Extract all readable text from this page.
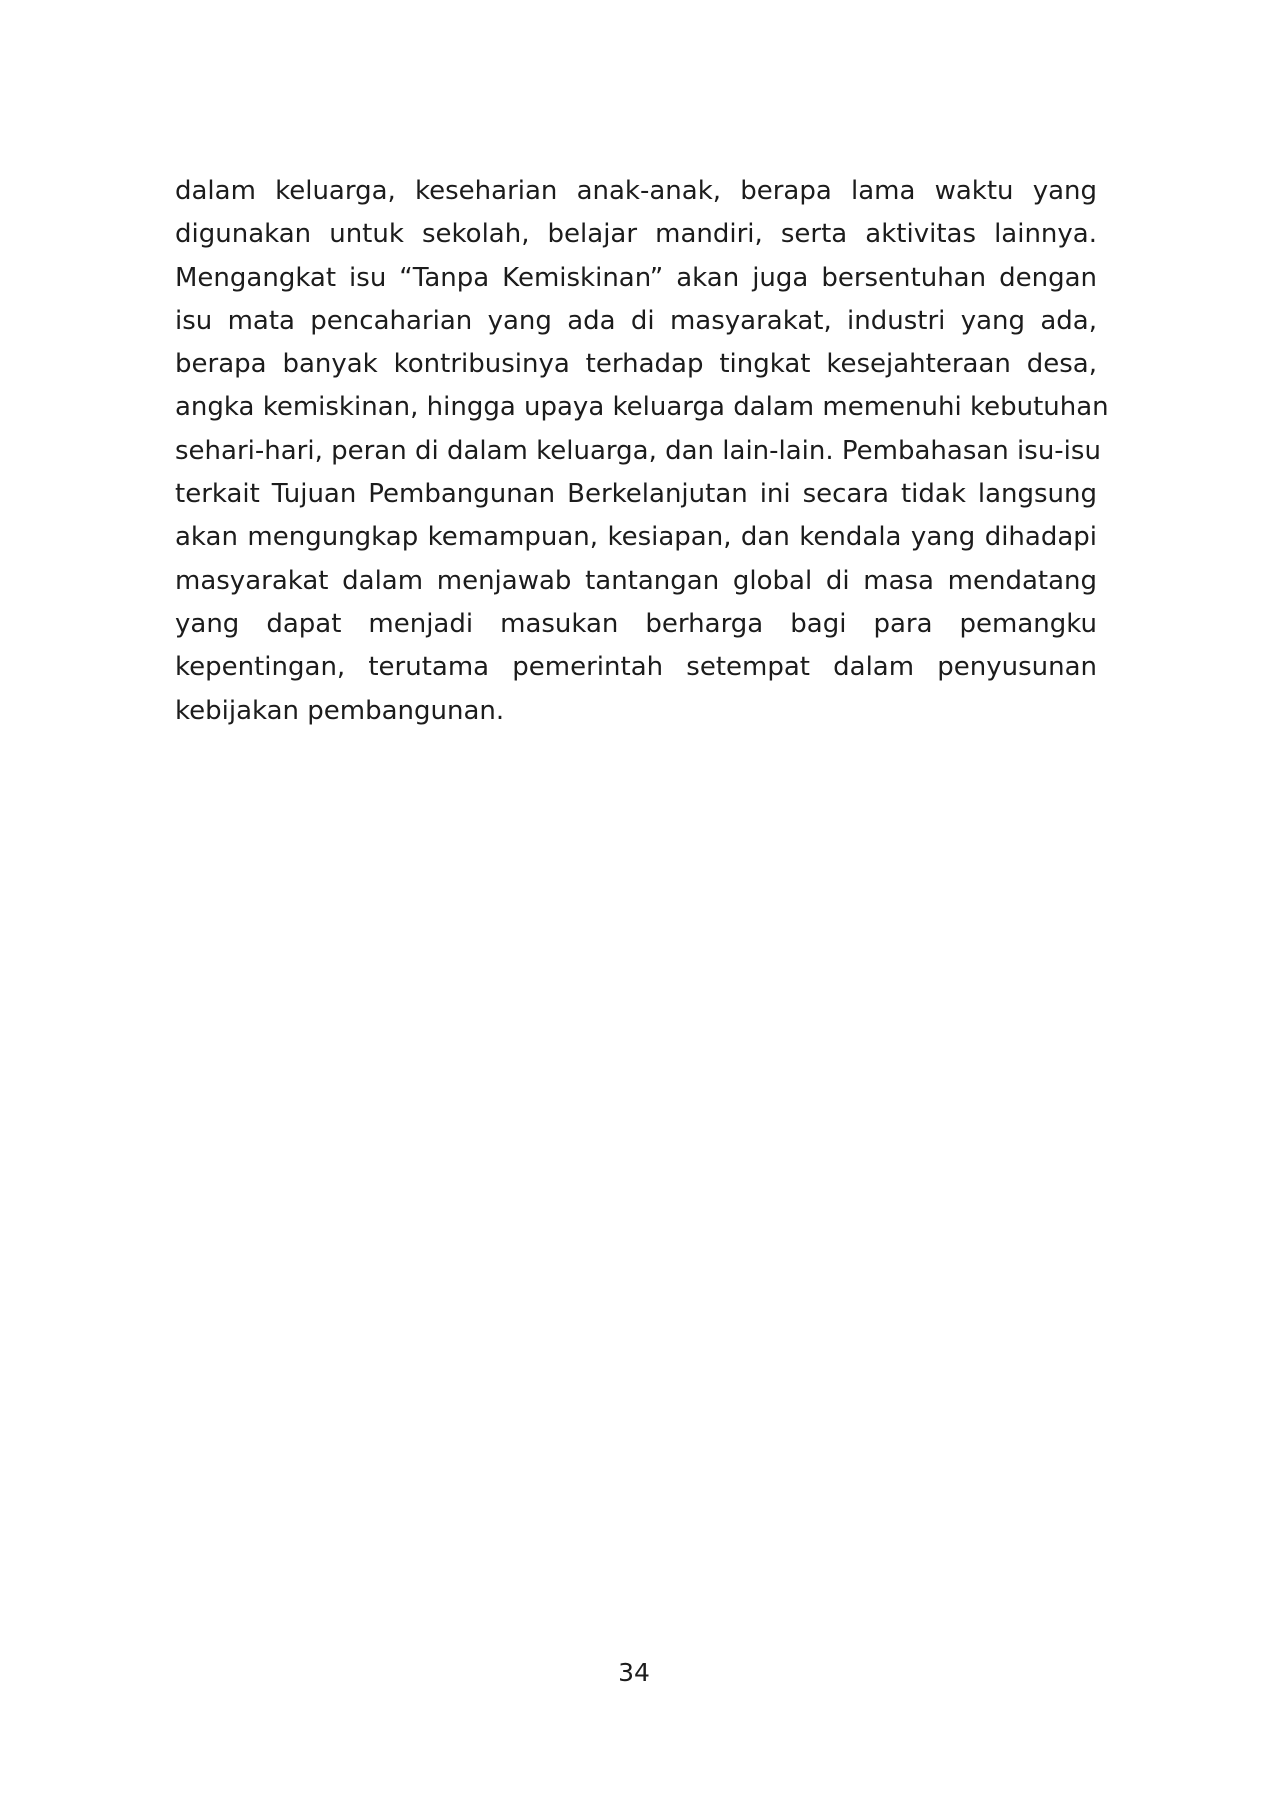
dalam keluarga, keseharian anak-anak, berapa lama waktu yang
digunakan untuk sekolah, belajar mandiri, serta aktivitas lainnya.
Mengangkat isu “Tanpa Kemiskinan” akan juga bersentuhan dengan
isu mata pencaharian yang ada di masyarakat, industri yang ada,
berapa banyak kontribusinya terhadap tingkat kesejahteraan desa,
angka kemiskinan, hingga upaya keluarga dalam memenuhi kebutuhan
sehari-hari, peran di dalam keluarga, dan lain-lain. Pembahasan isu-isu
terkait Tujuan Pembangunan Berkelanjutan ini secara tidak langsung
akan mengungkap kemampuan, kesiapan, dan kendala yang dihadapi
masyarakat dalam menjawab tantangan global di masa mendatang
yang dapat menjadi masukan berharga bagi para pemangku
kepentingan, terutama pemerintah setempat dalam penyusunan
kebijakan pembangunan.
34
